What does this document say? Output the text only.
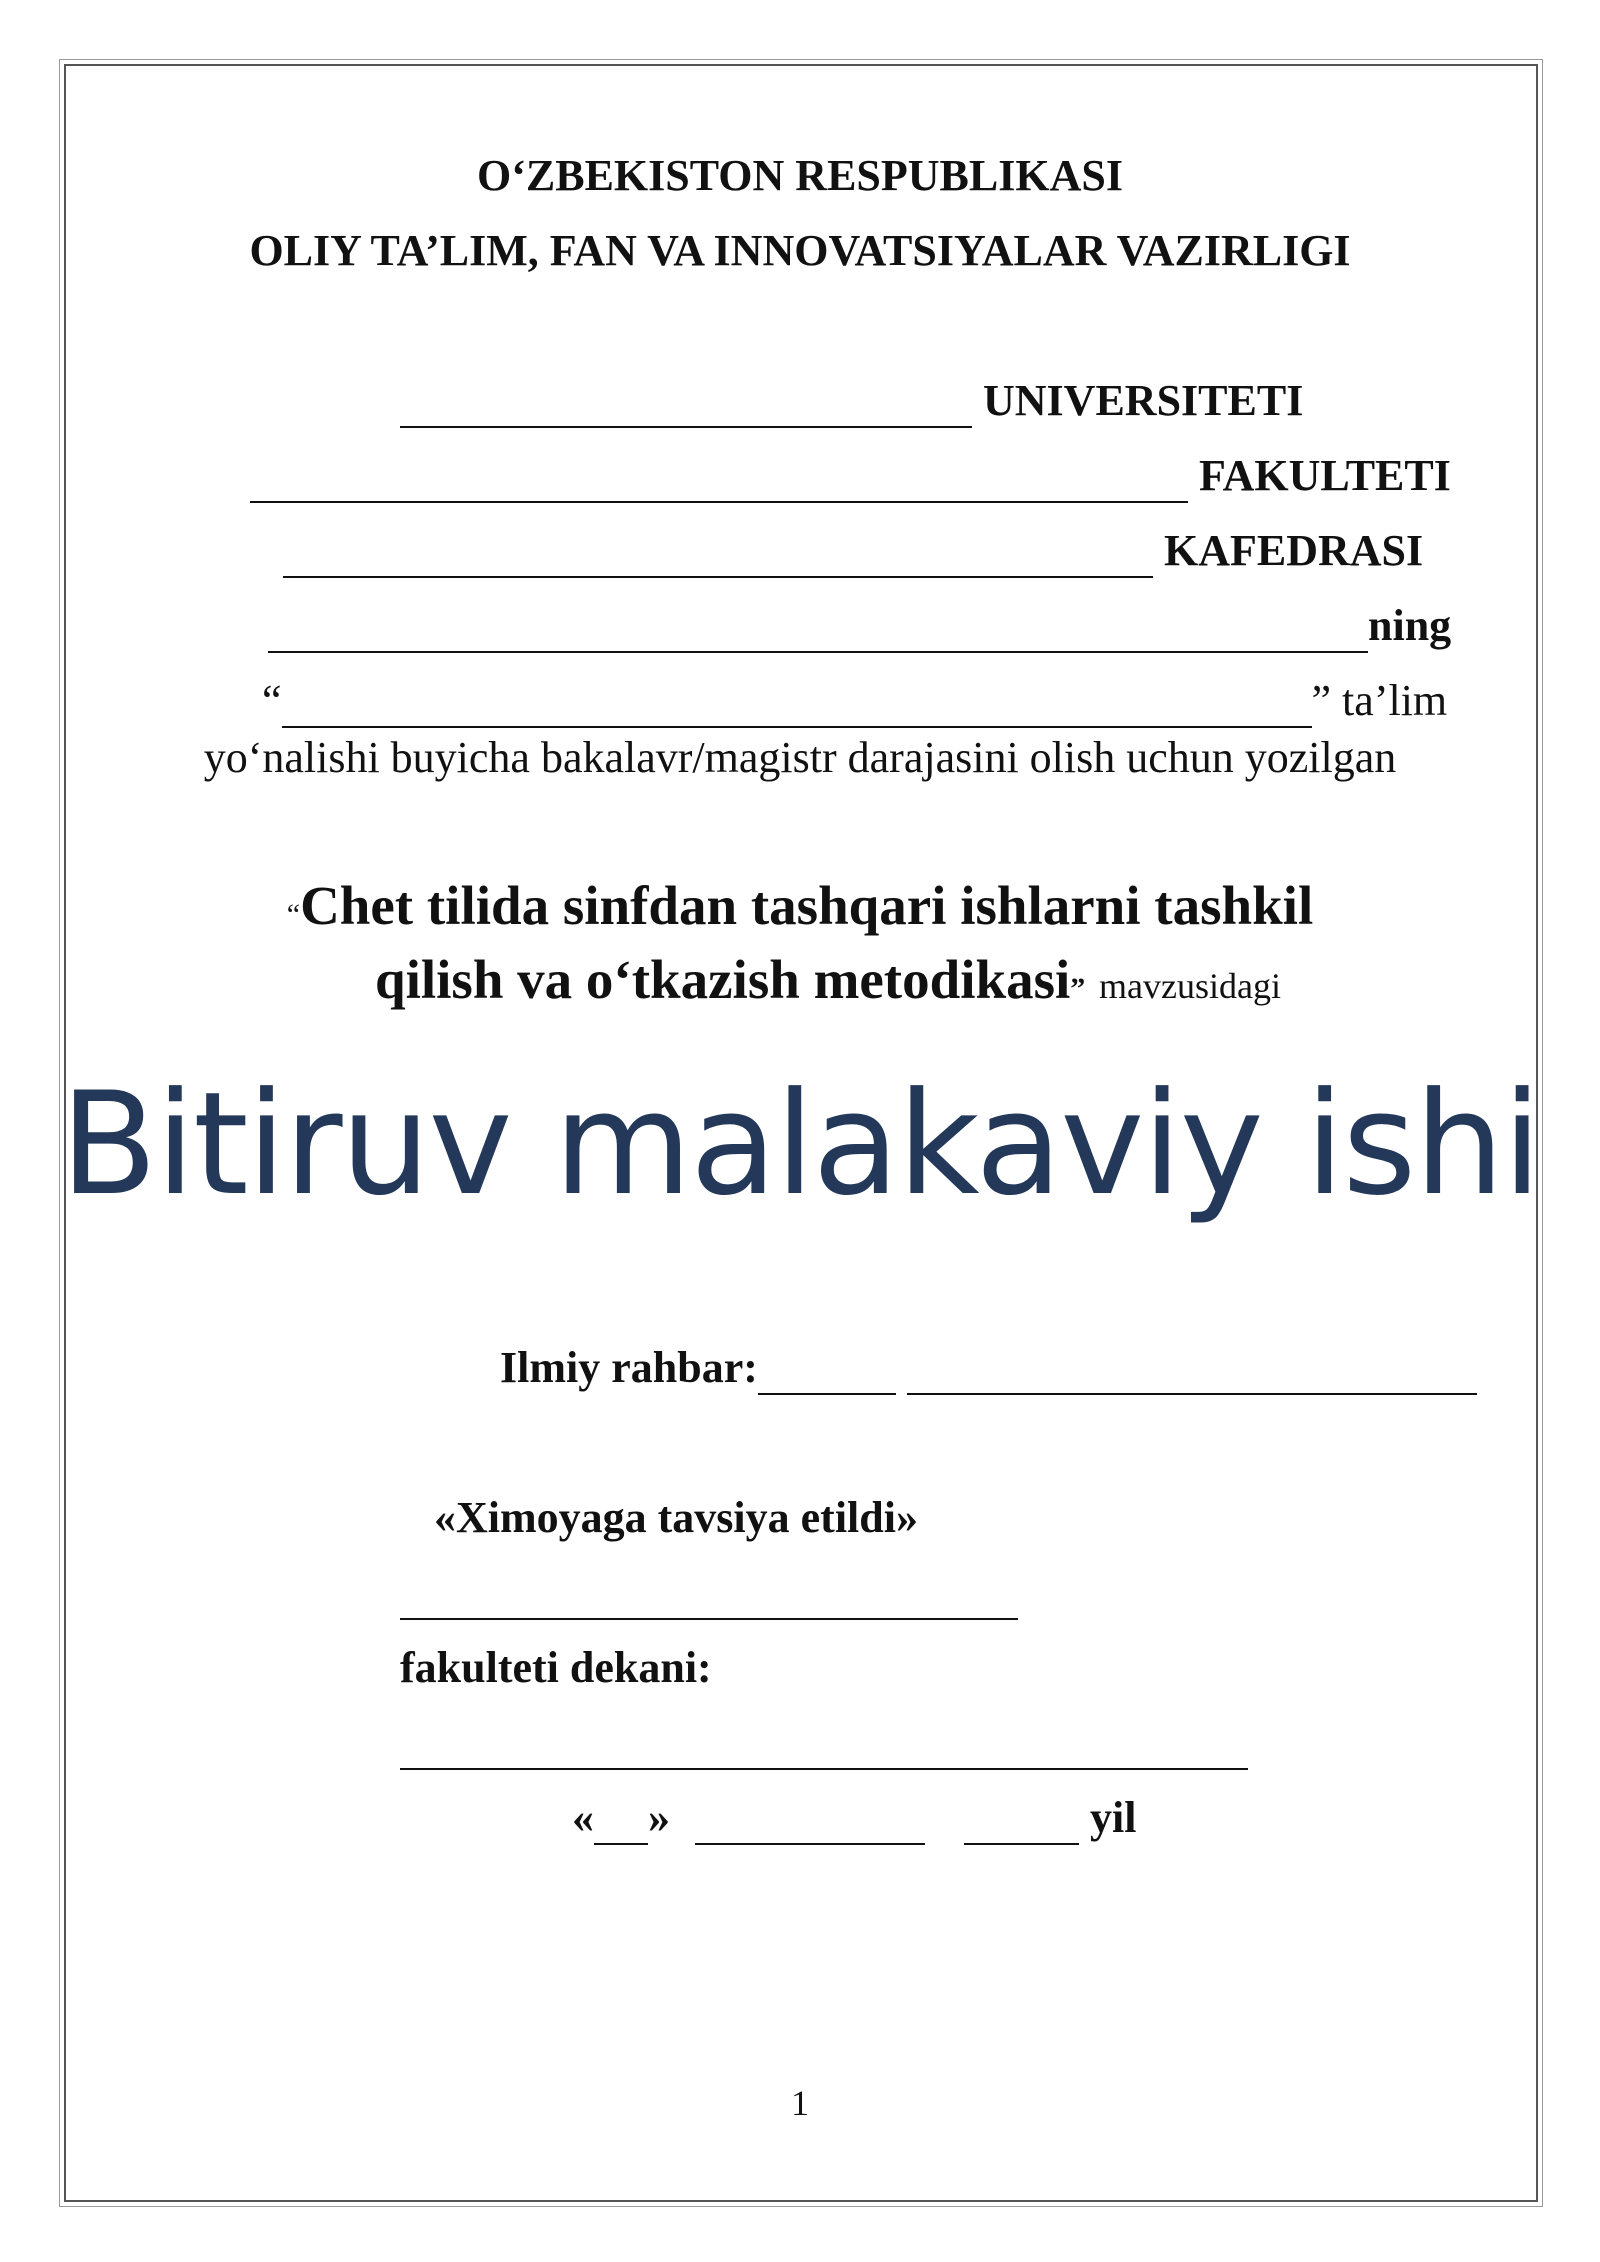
O‘ZBEKISTON RESPUBLIKASI
OLIY TA’LIM, FAN VA INNOVATSIYALAR VAZIRLIGI
UNIVERSITETI
FAKULTETI
KAFEDRASI
ning
“	” ta’lim
yo‘nalishi buyicha bakalavr/magistr darajasini olish uchun yozilgan
“Chet tilida sinfdan tashqari ishlarni tashkil
qilish va o‘tkazish metodikasi” mavzusidagi
Bitiruv malakaviy ishi
Ilmiy rahbar:
«Ximoyaga tavsiya etildi»

fakulteti dekani:

« »	yil
1
